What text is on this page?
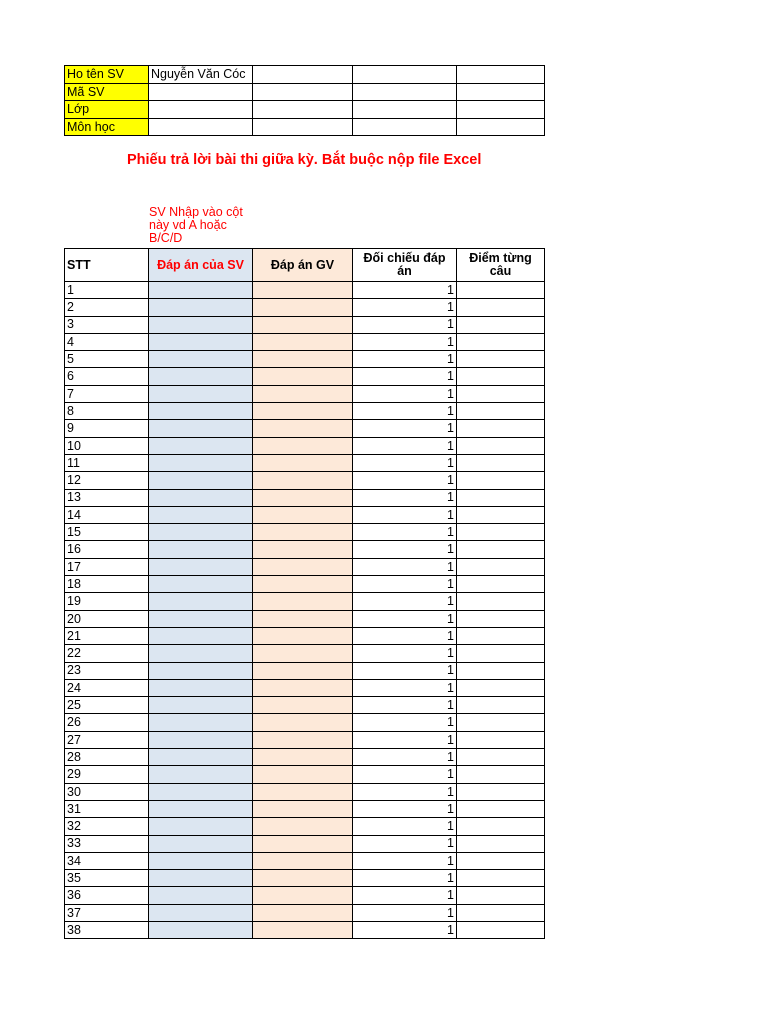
Ho tên SV	Nguyễn Văn Cóc			
Mã SV				
Lớp				
Môn học				
Phiếu trả lời bài thi giữa kỳ. Bắt buộc nộp file Excel
SV Nhập vào cột này vd A hoặc B/C/D
STT	Đáp án của SV	Đáp án GV	Đối chiếu đáp án	Điểm từng câu
1			1	
2			1	
3			1	
4			1	
5			1	
6			1	
7			1	
8			1	
9			1	
10			1	
11			1	
12			1	
13			1	
14			1	
15			1	
16			1	
17			1	
18			1	
19			1	
20			1	
21			1	
22			1	
23			1	
24			1	
25			1	
26			1	
27			1	
28			1	
29			1	
30			1	
31			1	
32			1	
33			1	
34			1	
35			1	
36			1	
37			1	
38			1	
